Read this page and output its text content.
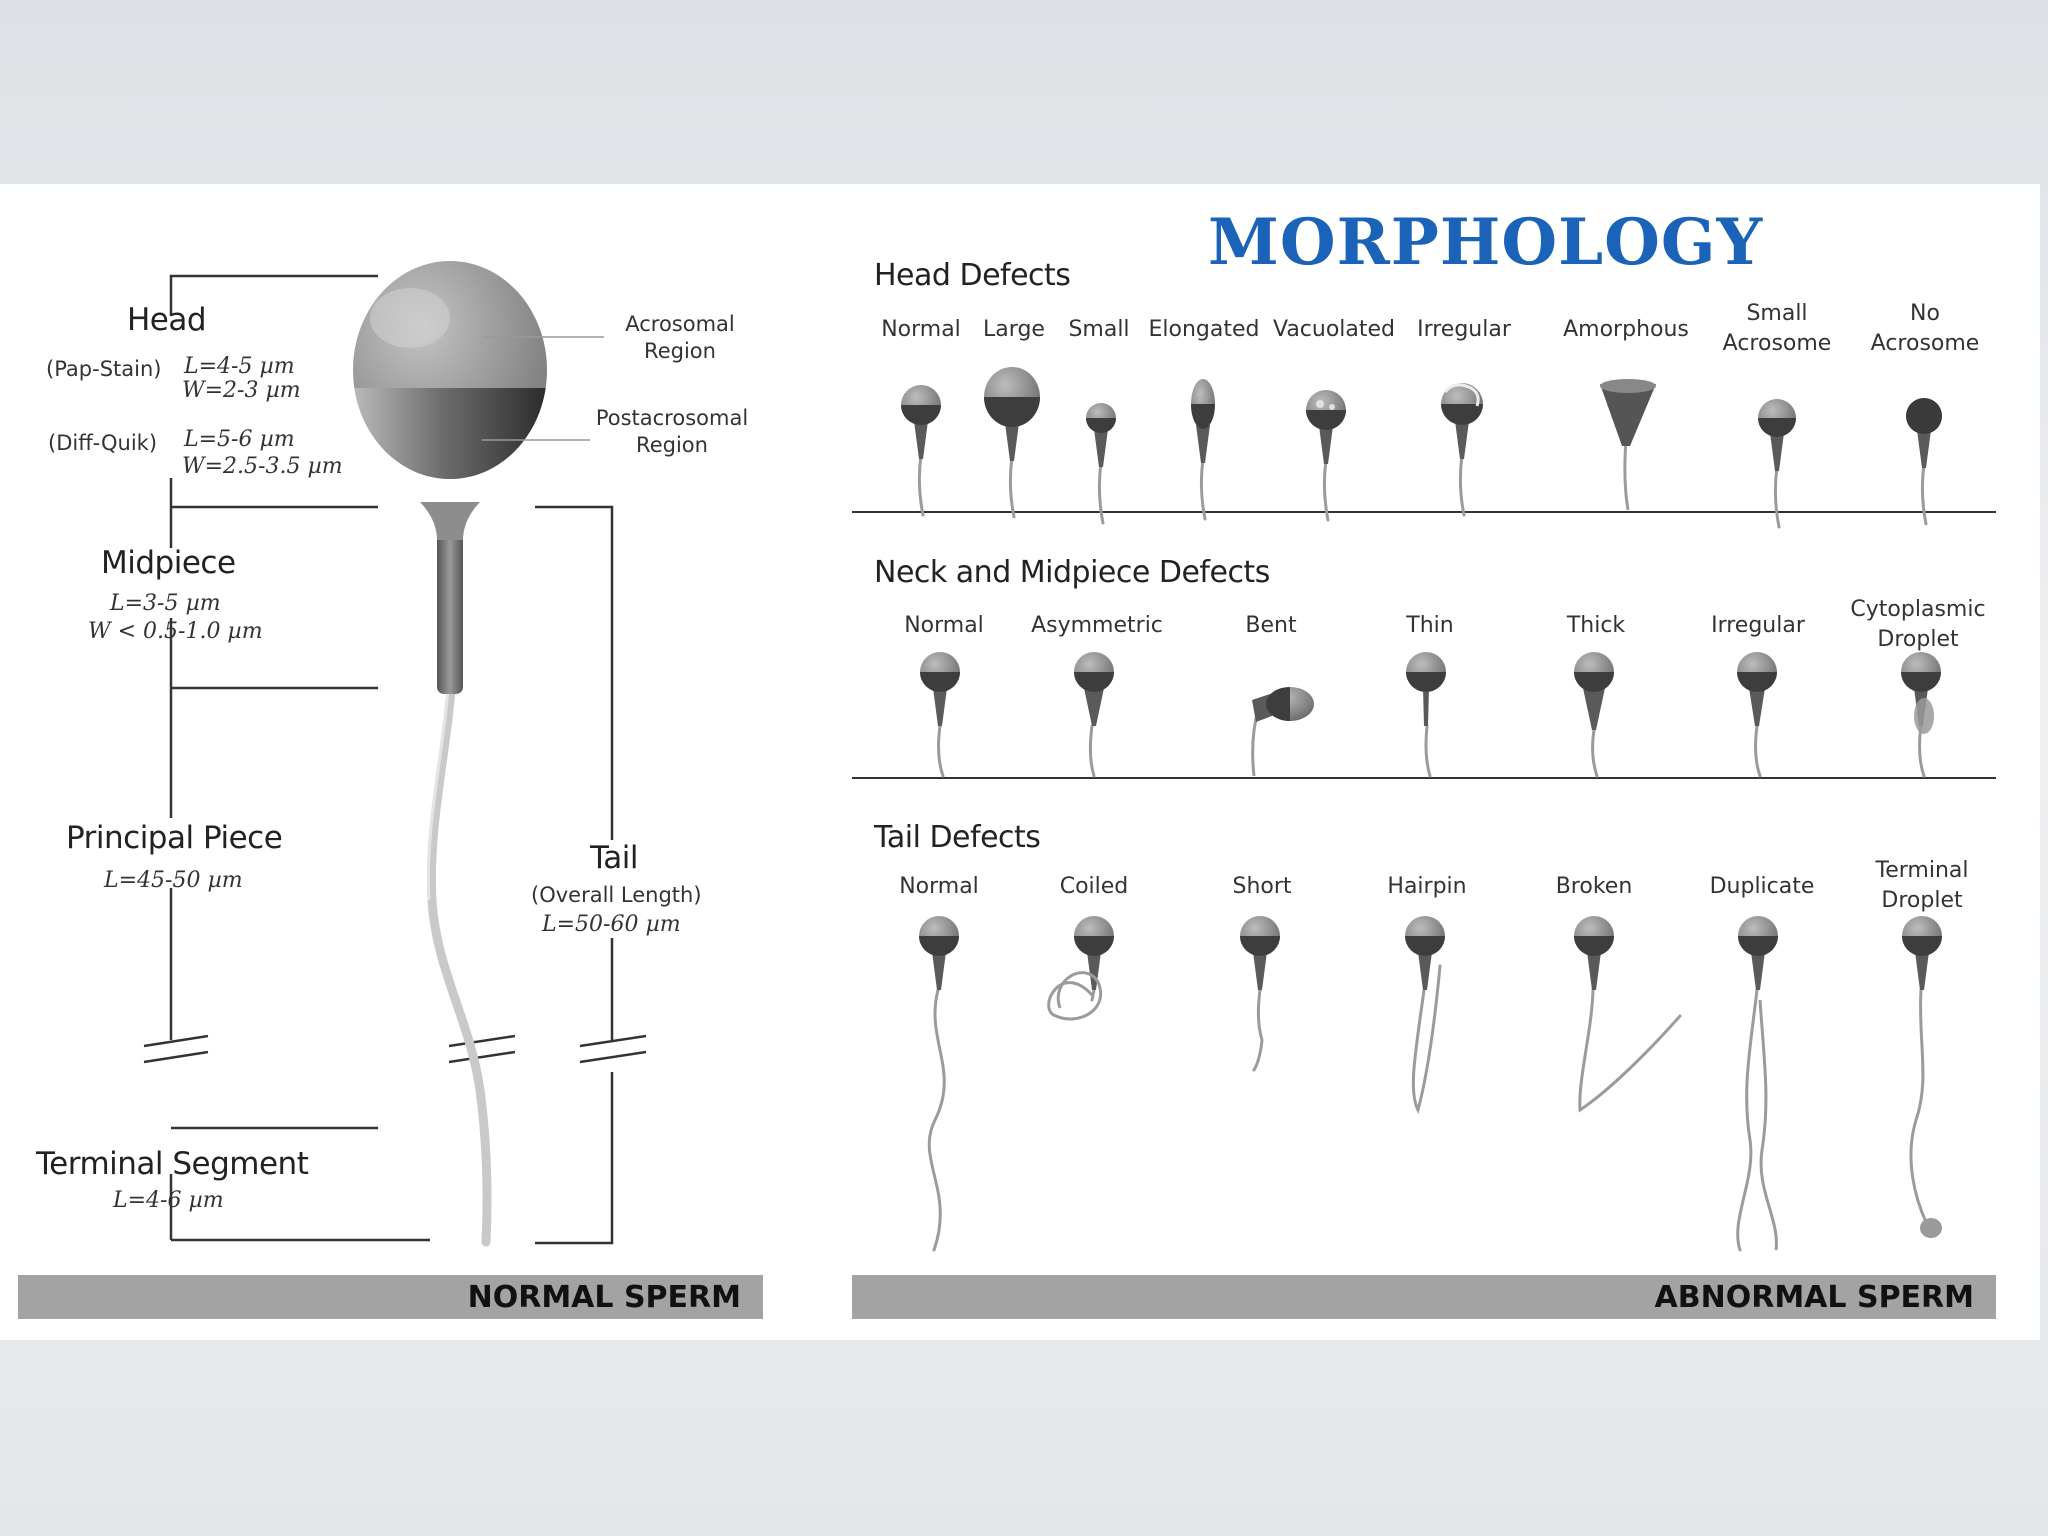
Head
(Pap-Stain) L=4-5 µm
W=2-3 µm
(Diff-Quik) L=5-6 µm
W=2.5-3.5 µm
Acrosomal
Region
Postacrosomal
Region
Midpiece
L=3-5 µm
W < 0.5-1.0 µm
Principal Piece
L=45-50 µm
Tail
(Overall Length)
L=50-60 µm
Terminal Segment
L=4-6 µm
NORMAL SPERM
MORPHOLOGY
Head Defects
Neck and Midpiece Defects
Tail Defects
Normal Large Small Elongated Vacuolated Irregular Amorphous
Small
Acrosome
No
Acrosome
Normal Asymmetric	Bent	Thin	Thick	Irregular
Cytoplasmic
Droplet
Normal	Coiled	Short	Hairpin	Broken	Duplicate
Terminal
Droplet
ABNORMAL SPERM
